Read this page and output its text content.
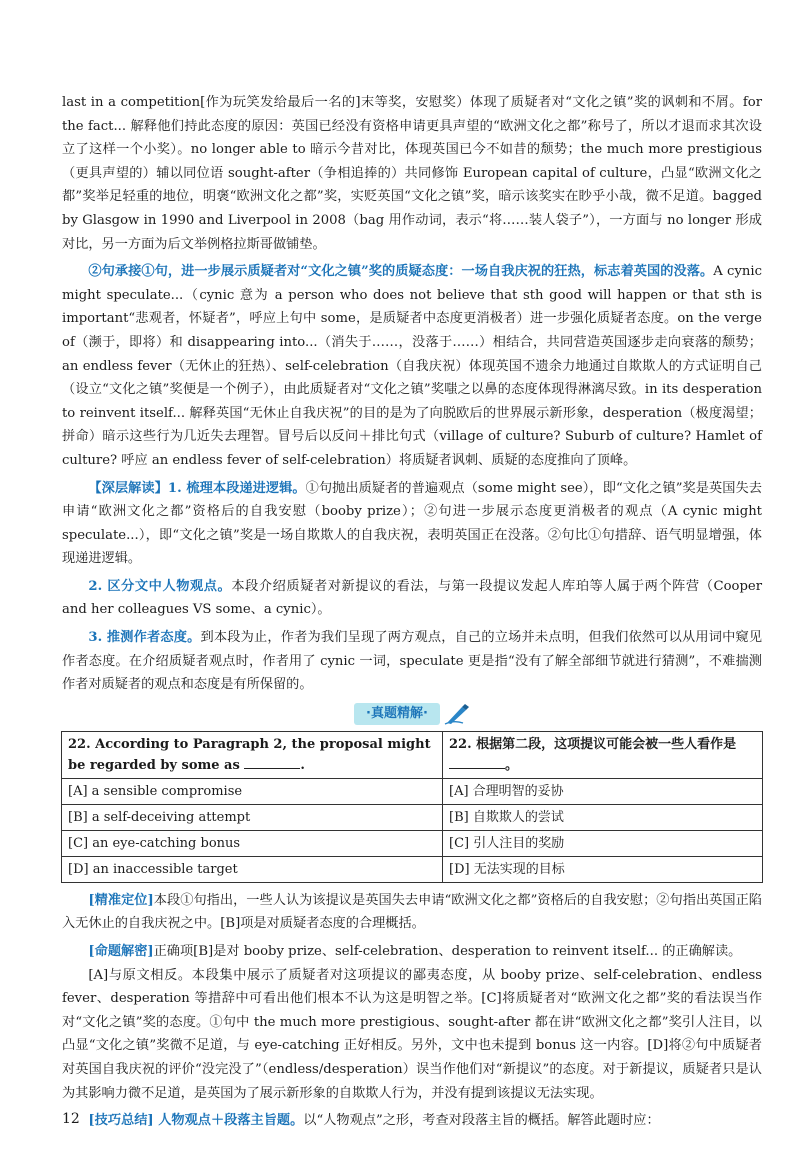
last in a competition[作为玩笑发给最后一名的]末等奖，安慰奖）体现了质疑者对“文化之镇”奖的讽刺和不屑。for the fact... 解释他们持此态度的原因：英国已经没有资格申请更具声望的“欧洲文化之都”称号了，所以才退而求其次设立了这样一个小奖）。no longer able to 暗示今昔对比，体现英国已今不如昔的颓势；the much more prestigious（更具声望的）辅以同位语 sought-after（争相追捧的）共同修饰 European capital of culture，凸显“欧洲文化之都”奖举足轻重的地位，明褒“欧洲文化之都”奖，实贬英国“文化之镇”奖，暗示该奖实在眇乎小哉，微不足道。bagged by Glasgow in 1990 and Liverpool in 2008（bag 用作动词，表示“将……装人袋子”），一方面与 no longer 形成对比，另一方面为后文举例格拉斯哥做铺垫。

②句承接①句，进一步展示质疑者对“文化之镇”奖的质疑态度：一场自我庆祝的狂热，标志着英国的没落。A cynic might speculate...（cynic 意为 a person who does not believe that sth good will happen or that sth is important“悲观者，怀疑者”，呼应上句中 some，是质疑者中态度更消极者）进一步强化质疑者态度。on the verge of（濒于，即将）和 disappearing into...（消失于……，没落于……）相结合，共同营造英国逐步走向衰落的颓势；an endless fever（无休止的狂热）、self-celebration（自我庆祝）体现英国不遗余力地通过自欺欺人的方式证明自己（设立“文化之镇”奖便是一个例子），由此质疑者对“文化之镇”奖嗤之以鼻的态度体现得淋漓尽致。in its desperation to reinvent itself... 解释英国“无休止自我庆祝”的目的是为了向脱欧后的世界展示新形象，desperation（极度渴望；拼命）暗示这些行为几近失去理智。冒号后以反问＋排比句式（village of culture? Suburb of culture? Hamlet of culture? 呼应 an endless fever of self-celebration）将质疑者讽刺、质疑的态度推向了顶峰。

【深层解读】1. 梳理本段递进逻辑。①句抛出质疑者的普遍观点（some might see），即“文化之镇”奖是英国失去申请“欧洲文化之都”资格后的自我安慰（booby prize）；②句进一步展示态度更消极者的观点（A cynic might speculate...），即“文化之镇”奖是一场自欺欺人的自我庆祝，表明英国正在没落。②句比①句措辞、语气明显增强，体现递进逻辑。

2. 区分文中人物观点。本段介绍质疑者对新提议的看法，与第一段提议发起人库珀等人属于两个阵营（Cooper and her colleagues VS some、a cynic）。

3. 推测作者态度。到本段为止，作者为我们呈现了两方观点，自己的立场并未点明，但我们依然可以从用词中窥见作者态度。在介绍质疑者观点时，作者用了 cynic 一词，speculate 更是指“没有了解全部细节就进行猜测”，不难揣测作者对质疑者的观点和态度是有所保留的。

·真题精解·
22. According to Paragraph 2, the proposal might be regarded by some as .	22. 根据第二段，这项提议可能会被一些人看作是。
[A] a sensible compromise	[A] 合理明智的妥协
[B] a self-deceiving attempt	[B] 自欺欺人的尝试
[C] an eye-catching bonus	[C] 引人注目的奖励
[D] an inaccessible target	[D] 无法实现的目标

[精准定位]本段①句指出，一些人认为该提议是英国失去申请“欧洲文化之都”资格后的自我安慰；②句指出英国正陷入无休止的自我庆祝之中。[B]项是对质疑者态度的合理概括。

[命题解密]正确项[B]是对 booby prize、self-celebration、desperation to reinvent itself... 的正确解读。

[A]与原文相反。本段集中展示了质疑者对这项提议的鄙夷态度，从 booby prize、self-celebration、endless fever、desperation 等措辞中可看出他们根本不认为这是明智之举。[C]将质疑者对“欧洲文化之都”奖的看法误当作对“文化之镇”奖的态度。①句中 the much more prestigious、sought-after 都在讲“欧洲文化之都”奖引人注目，以凸显“文化之镇”奖微不足道，与 eye-catching 正好相反。另外，文中也未提到 bonus 这一内容。[D]将②句中质疑者对英国自我庆祝的评价“没完没了”（endless/desperation）误当作他们对“新提议”的态度。对于新提议，质疑者只是认为其影响力微不足道，是英国为了展示新形象的自欺欺人行为，并没有提到该提议无法实现。

[技巧总结] 人物观点＋段落主旨题。以“人物观点”之形，考查对段落主旨的概括。解答此题时应：

12
